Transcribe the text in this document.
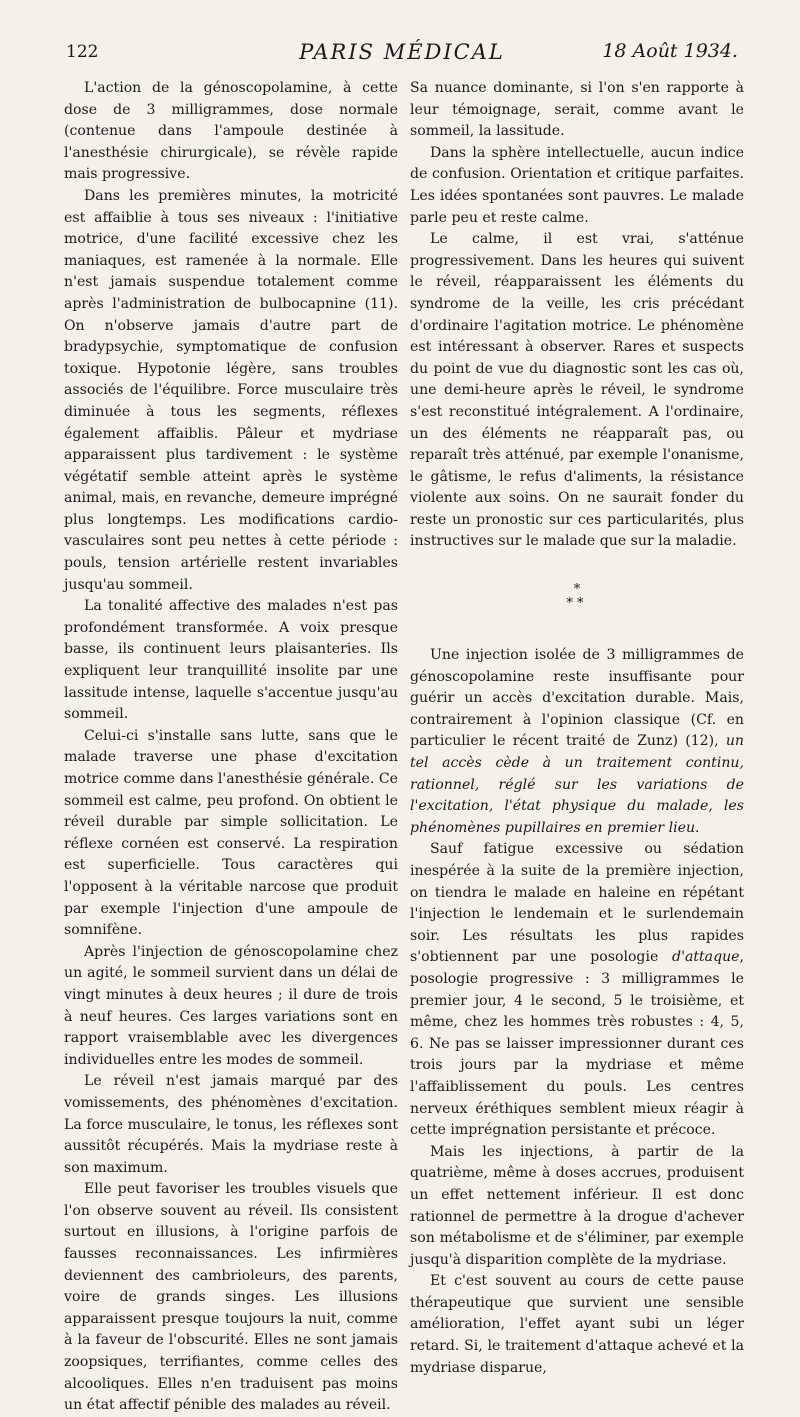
122	PARIS MÉDICAL	18 Août 1934.

L'action de la génoscopolamine, à cette dose de 3 milligrammes, dose normale (contenue dans l'ampoule destinée à l'anesthésie chirurgicale), se révèle rapide mais progressive.

Dans les premières minutes, la motricité est affaiblie à tous ses niveaux : l'initiative motrice, d'une facilité excessive chez les maniaques, est ramenée à la normale. Elle n'est jamais suspendue totalement comme après l'administration de bulbocapnine (11). On n'observe jamais d'autre part de bradypsychie, symptomatique de confusion toxique. Hypotonie légère, sans troubles associés de l'équilibre. Force musculaire très diminuée à tous les segments, réflexes également affaiblis. Pâleur et mydriase apparaissent plus tardivement : le système végétatif semble atteint après le système animal, mais, en revanche, demeure imprégné plus longtemps. Les modifications cardio-vasculaires sont peu nettes à cette période : pouls, tension artérielle restent invariables jusqu'au sommeil.

La tonalité affective des malades n'est pas profondément transformée. A voix presque basse, ils continuent leurs plaisanteries. Ils expliquent leur tranquillité insolite par une lassitude intense, laquelle s'accentue jusqu'au sommeil.

Celui-ci s'installe sans lutte, sans que le malade traverse une phase d'excitation motrice comme dans l'anesthésie générale. Ce sommeil est calme, peu profond. On obtient le réveil durable par simple sollicitation. Le réflexe cornéen est conservé. La respiration est superficielle. Tous caractères qui l'opposent à la véritable narcose que produit par exemple l'injection d'une ampoule de somnifène.

Après l'injection de génoscopolamine chez un agité, le sommeil survient dans un délai de vingt minutes à deux heures ; il dure de trois à neuf heures. Ces larges variations sont en rapport vraisemblable avec les divergences individuelles entre les modes de sommeil.

Le réveil n'est jamais marqué par des vomissements, des phénomènes d'excitation. La force musculaire, le tonus, les réflexes sont aussitôt récupérés. Mais la mydriase reste à son maximum.

Elle peut favoriser les troubles visuels que l'on observe souvent au réveil. Ils consistent surtout en illusions, à l'origine parfois de fausses reconnaissances. Les infirmières deviennent des cambrioleurs, des parents, voire de grands singes. Les illusions apparaissent presque toujours la nuit, comme à la faveur de l'obscurité. Elles ne sont jamais zoopsiques, terrifiantes, comme celles des alcooliques. Elles n'en traduisent pas moins un état affectif pénible des malades au réveil.

Sa nuance dominante, si l'on s'en rapporte à leur témoignage, serait, comme avant le sommeil, la lassitude.

Dans la sphère intellectuelle, aucun indice de confusion. Orientation et critique parfaites. Les idées spontanées sont pauvres. Le malade parle peu et reste calme.

Le calme, il est vrai, s'atténue progressivement. Dans les heures qui suivent le réveil, réapparaissent les éléments du syndrome de la veille, les cris précédant d'ordinaire l'agitation motrice. Le phénomène est intéressant à observer. Rares et suspects du point de vue du diagnostic sont les cas où, une demi-heure après le réveil, le syndrome s'est reconstitué intégralement. A l'ordinaire, un des éléments ne réapparaît pas, ou reparaît très atténué, par exemple l'onanisme, le gâtisme, le refus d'aliments, la résistance violente aux soins. On ne saurait fonder du reste un pronostic sur ces particularités, plus instructives sur le malade que sur la maladie.

*
**

Une injection isolée de 3 milligrammes de génoscopolamine reste insuffisante pour guérir un accès d'excitation durable. Mais, contrairement à l'opinion classique (Cf. en particulier le récent traité de Zunz) (12), un tel accès cède à un traitement continu, rationnel, réglé sur les variations de l'excitation, l'état physique du malade, les phénomènes pupillaires en premier lieu.

Sauf fatigue excessive ou sédation inespérée à la suite de la première injection, on tiendra le malade en haleine en répétant l'injection le lendemain et le surlendemain soir. Les résultats les plus rapides s'obtiennent par une posologie d'attaque, posologie progressive : 3 milligrammes le premier jour, 4 le second, 5 le troisième, et même, chez les hommes très robustes : 4, 5, 6. Ne pas se laisser impressionner durant ces trois jours par la mydriase et même l'affaiblissement du pouls. Les centres nerveux éréthiques semblent mieux réagir à cette imprégnation persistante et précoce.

Mais les injections, à partir de la quatrième, même à doses accrues, produisent un effet nettement inférieur. Il est donc rationnel de permettre à la drogue d'achever son métabolisme et de s'éliminer, par exemple jusqu'à disparition complète de la mydriase.

Et c'est souvent au cours de cette pause thérapeutique que survient une sensible amélioration, l'effet ayant subi un léger retard. Si, le traitement d'attaque achevé et la mydriase disparue,
